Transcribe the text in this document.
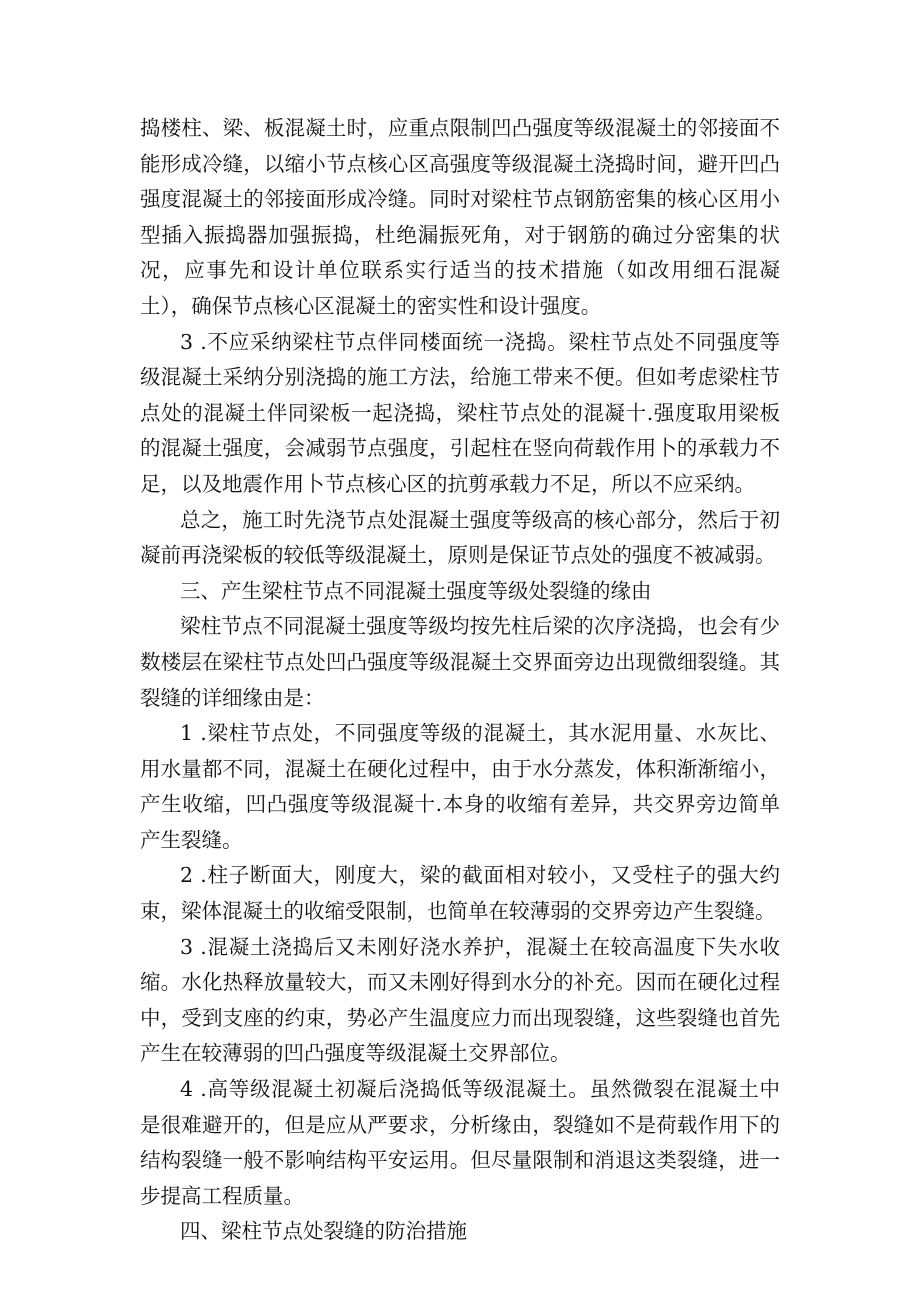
捣楼柱、梁、板混凝土时，应重点限制凹凸强度等级混凝土的邻接面不能形成冷缝，以缩小节点核心区高强度等级混凝土浇捣时间，避开凹凸强度混凝土的邻接面形成冷缝。同时对梁柱节点钢筋密集的核心区用小型插入振捣器加强振捣，杜绝漏振死角，对于钢筋的确过分密集的状况，应事先和设计单位联系实行适当的技术措施（如改用细石混凝土），确保节点核心区混凝土的密实性和设计强度。

3 .不应采纳梁柱节点伴同楼面统一浇捣。梁柱节点处不同强度等级混凝土采纳分别浇捣的施工方法，给施工带来不便。但如考虑梁柱节点处的混凝土伴同梁板一起浇捣，梁柱节点处的混凝十.强度取用梁板的混凝土强度，会减弱节点强度，引起柱在竖向荷载作用卜的承载力不足，以及地震作用卜节点核心区的抗剪承载力不足，所以不应采纳。

总之，施工时先浇节点处混凝土强度等级高的核心部分，然后于初凝前再浇梁板的较低等级混凝土，原则是保证节点处的强度不被减弱。

三、产生梁柱节点不同混凝土强度等级处裂缝的缘由

梁柱节点不同混凝土强度等级均按先柱后梁的次序浇捣，也会有少数楼层在梁柱节点处凹凸强度等级混凝土交界面旁边出现微细裂缝。其裂缝的详细缘由是：

1 .梁柱节点处，不同强度等级的混凝土，其水泥用量、水灰比、用水量都不同，混凝土在硬化过程中，由于水分蒸发，体积渐渐缩小，产生收缩，凹凸强度等级混凝十.本身的收缩有差异，共交界旁边简单产生裂缝。

2 .柱子断面大，刚度大，梁的截面相对较小，又受柱子的强大约束，梁体混凝土的收缩受限制，也简单在较薄弱的交界旁边产生裂缝。

3 .混凝土浇捣后又未刚好浇水养护，混凝土在较高温度下失水收缩。水化热释放量较大，而又未刚好得到水分的补充。因而在硬化过程中，受到支座的约束，势必产生温度应力而出现裂缝，这些裂缝也首先产生在较薄弱的凹凸强度等级混凝土交界部位。

4 .高等级混凝土初凝后浇捣低等级混凝土。虽然微裂在混凝土中是很难避开的，但是应从严要求，分析缘由，裂缝如不是荷载作用下的结构裂缝一般不影响结构平安运用。但尽量限制和消退这类裂缝，进一步提高工程质量。

四、梁柱节点处裂缝的防治措施
